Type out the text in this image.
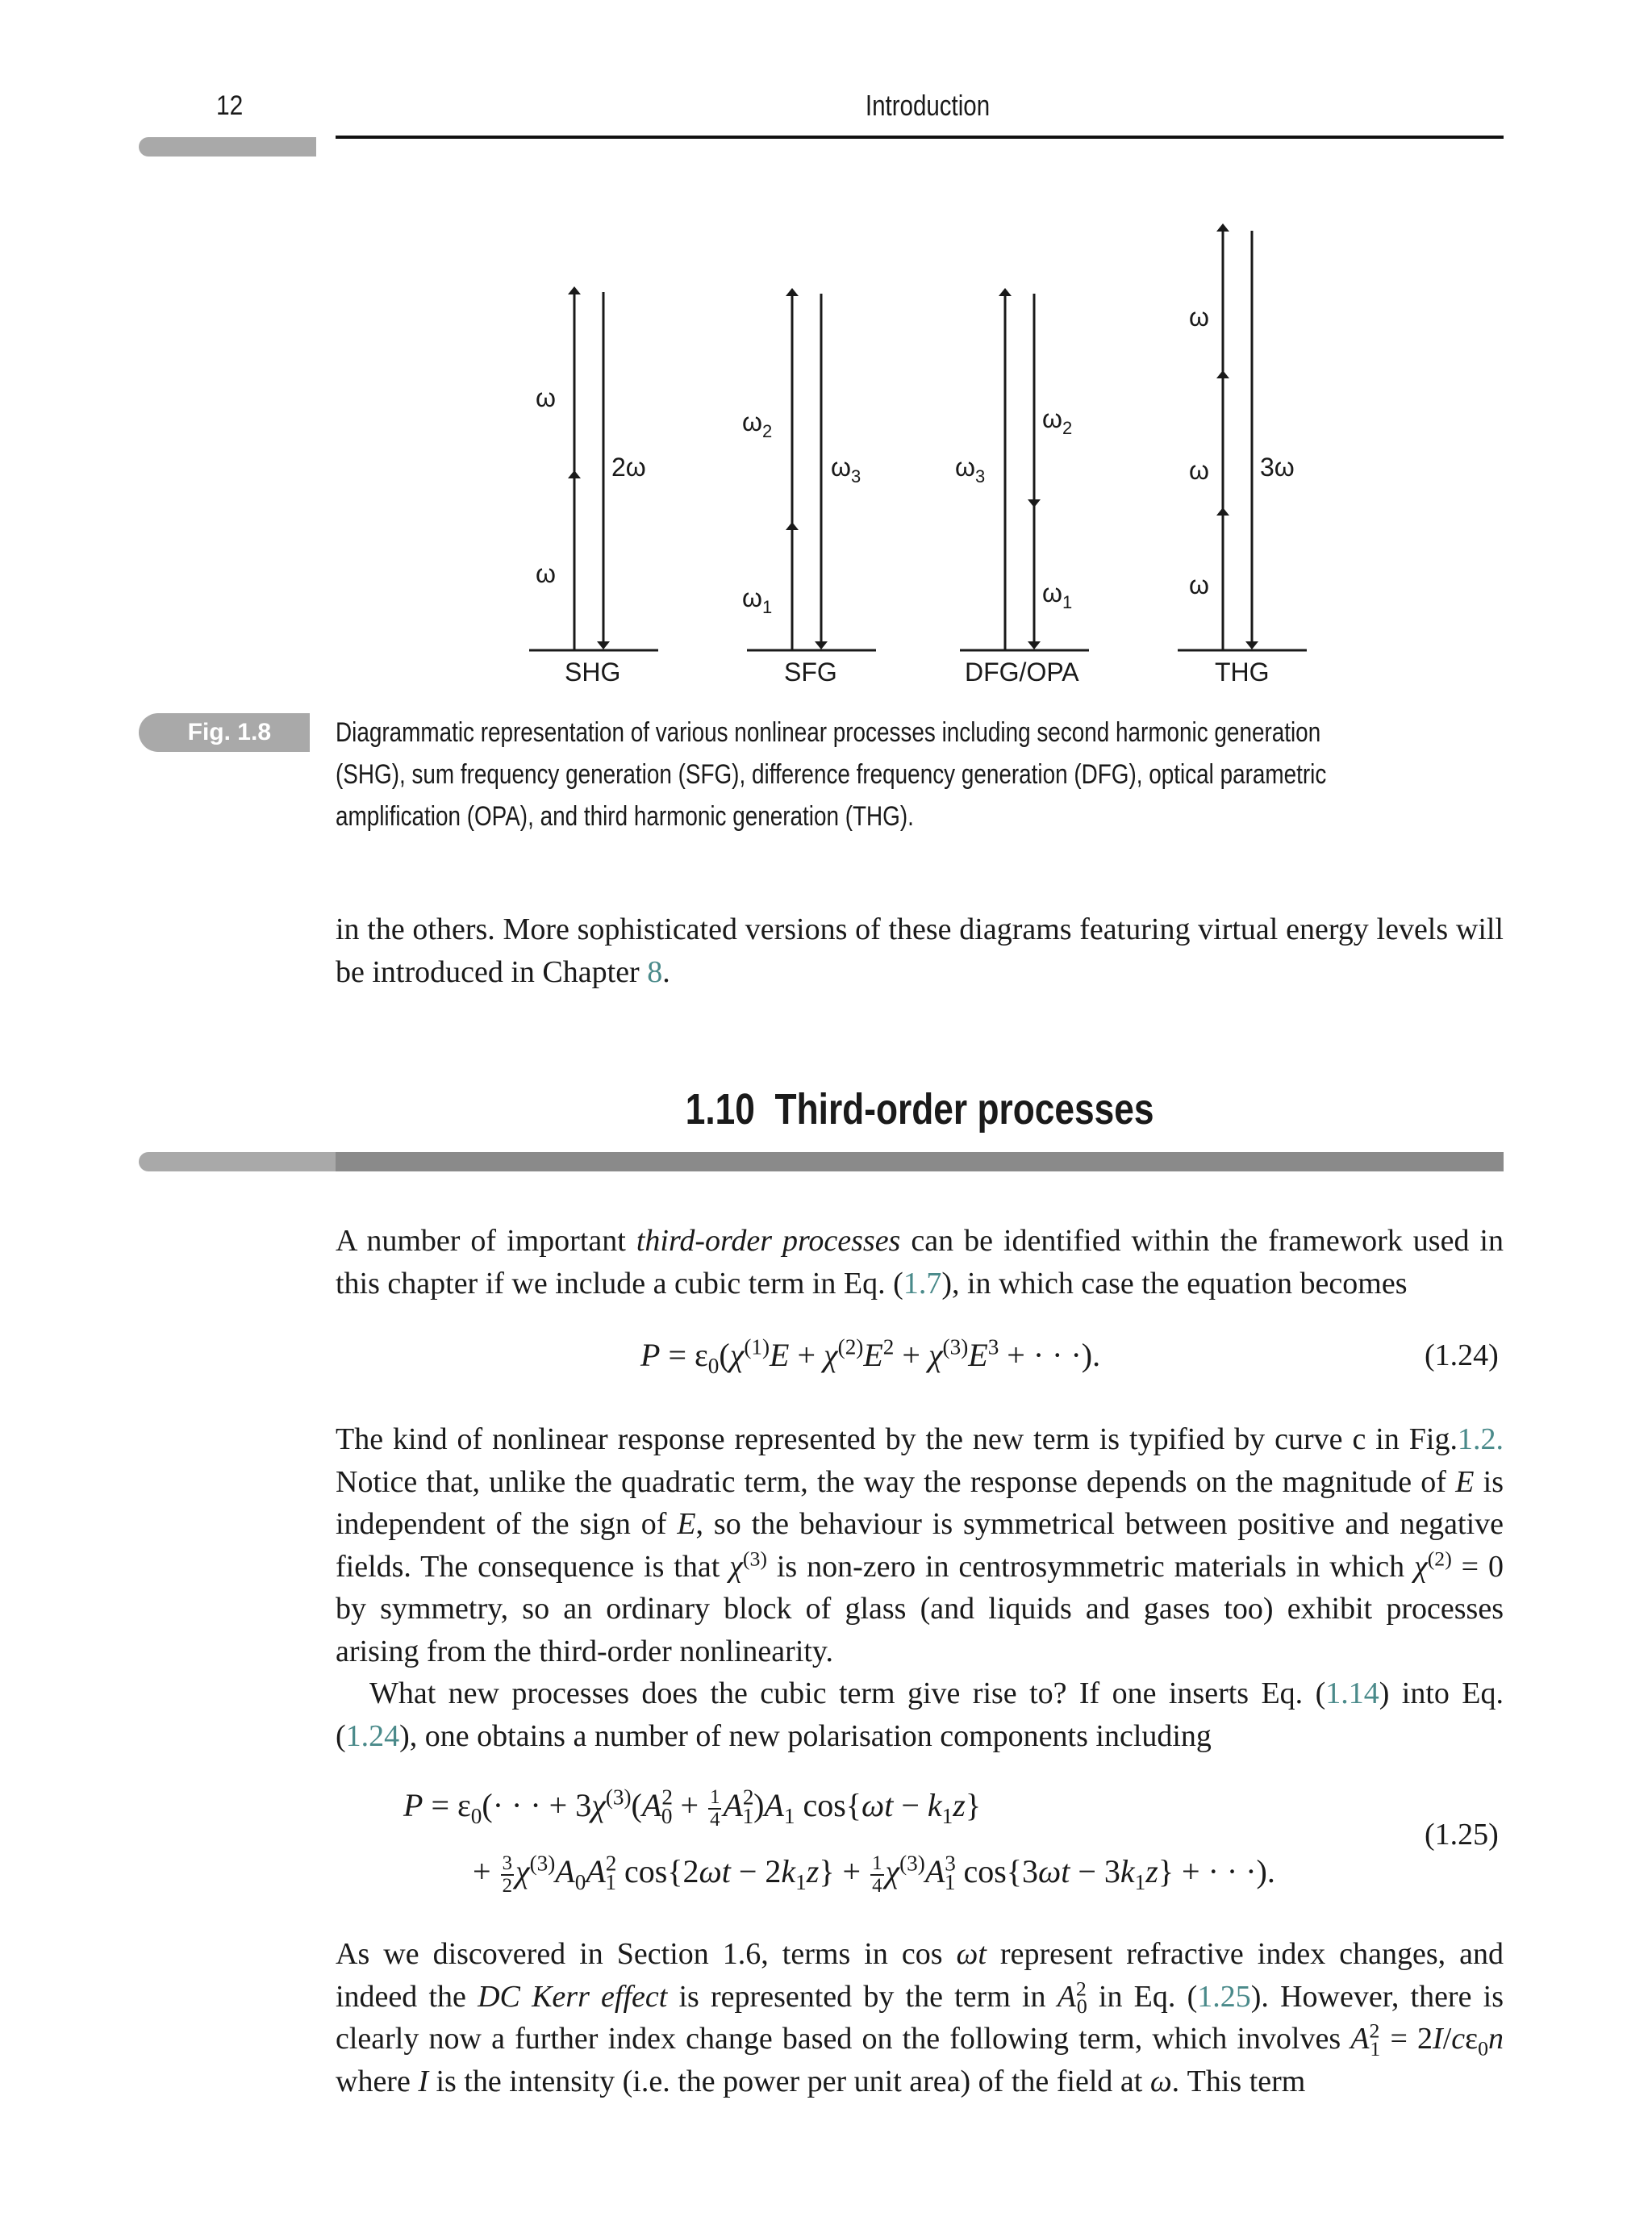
12	Introduction
ω
ω
2ω
SHG
$\omega_2$
$\omega_1$
$\omega_3$
SFG
$\omega_3$
$\omega_2$
$\omega_1$
DFG/OPA
ω
ω
ω
3ω
THG
Fig. 1.8	Diagrammatic representation of various nonlinear processes including second harmonic generation (SHG), sum frequency generation (SFG), difference frequency generation (DFG), optical parametric amplification (OPA), and third harmonic generation (THG).

in the others. More sophisticated versions of these diagrams featuring virtual energy levels will be introduced in Chapter 8.

1.10 Third-order processes

A number of important third-order processes can be identified within the framework used in this chapter if we include a cubic term in Eq. (1.7), in which case the equation becomes

$P = \varepsilon_0(\chi^{(1)}E + \chi^{(2)}E^2 + \chi^{(3)}E^3$ + · · ·).	(1.24)

The kind of nonlinear response represented by the new term is typified by curve c in Fig.1.2. Notice that, unlike the quadratic term, the way the response depends on the magnitude of E is independent of the sign of E, so the behaviour is symmetrical between positive and negative fields. The consequence is that $\chi^{(3)}$ is non-zero in centrosymmetric materials in which $\chi^{(2)} = 0$ by symmetry, so an ordinary block of glass (and liquids and gases too) exhibit processes arising from the third-order nonlinearity.

What new processes does the cubic term give rise to? If one inserts Eq. (1.14) into Eq. (1.24), one obtains a number of new polarisation components including

$P = \varepsilon_0(\cdot$ · · + $3\chi^{(3)}(A^2_0 + \frac{1}{4} A^2_1)A_1$ $\cos\{\omega t - k_1z\}$
+ $\frac{3}{2} \chi^{(3)}A_0A^2_1$ $\cos\{2\omega t - 2k_1z\} + \frac{1}{4} \chi^{(3)}A^3_1$ $\cos\{3\omega t - 3k_1z\}$ + · · ·).
(1.25)

As we discovered in Section 1.6, terms in cos ωt represent refractive index changes, and indeed the DC Kerr effect is represented by the term in $A^2_0$ in Eq. (1.25). However, there is clearly now a further index change based on the following term, which involves $A^2_1 = 2I/c\varepsilon_0n$ where I is the intensity (i.e. the power per unit area) of the field at ω. This term
